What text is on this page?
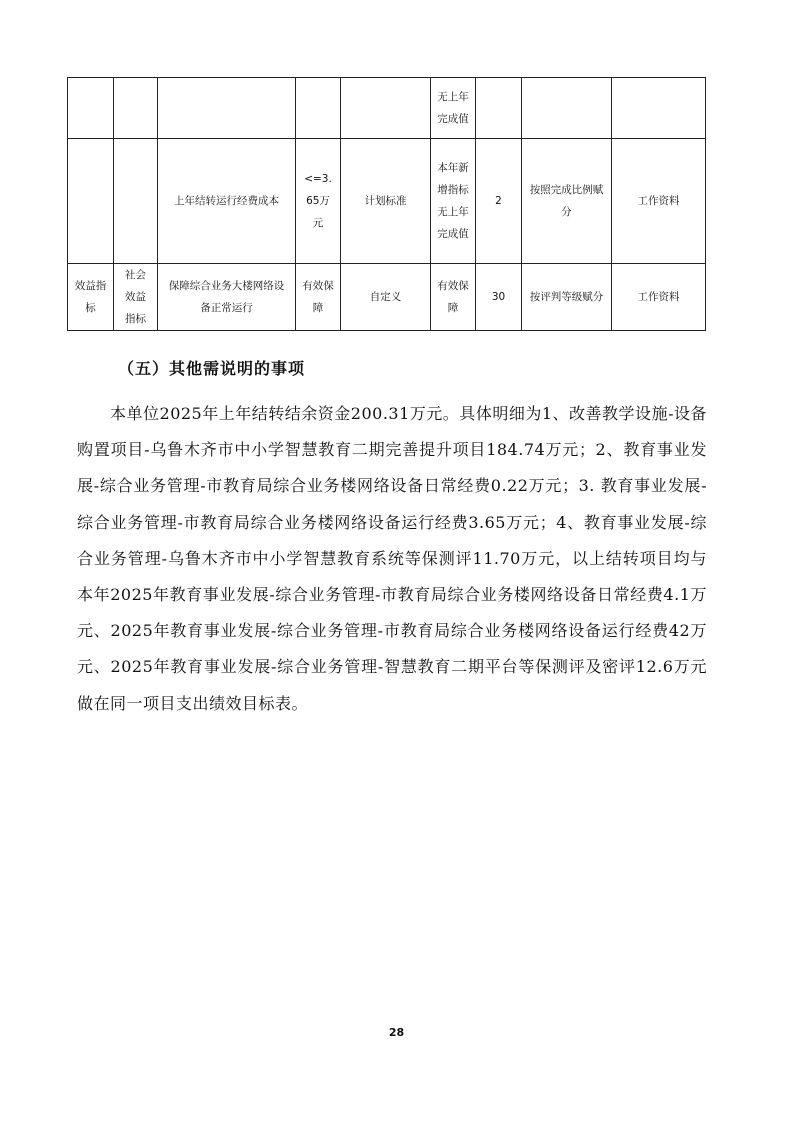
					无上年完成值			
		上年结转运行经费成本	<=3.65万元	计划标准	本年新增指标无上年完成值	2	按照完成比例赋分	工作资料
效益指标	社会效益指标	保障综合业务大楼网络设备正常运行	有效保障	自定义	有效保障	30	按评判等级赋分	工作资料
（五）其他需说明的事项
本单位2025年上年结转结余资金200.31万元。具体明细为1、改善教学设施-设备购置项目-乌鲁木齐市中小学智慧教育二期完善提升项目184.74万元；2、教育事业发展-综合业务管理-市教育局综合业务楼网络设备日常经费0.22万元；3. 教育事业发展-综合业务管理-市教育局综合业务楼网络设备运行经费3.65万元；4、教育事业发展-综合业务管理-乌鲁木齐市中小学智慧教育系统等保测评11.70万元，以上结转项目均与本年2025年教育事业发展-综合业务管理-市教育局综合业务楼网络设备日常经费4.1万元、2025年教育事业发展-综合业务管理-市教育局综合业务楼网络设备运行经费42万元、2025年教育事业发展-综合业务管理-智慧教育二期平台等保测评及密评12.6万元做在同一项目支出绩效目标表。
28
